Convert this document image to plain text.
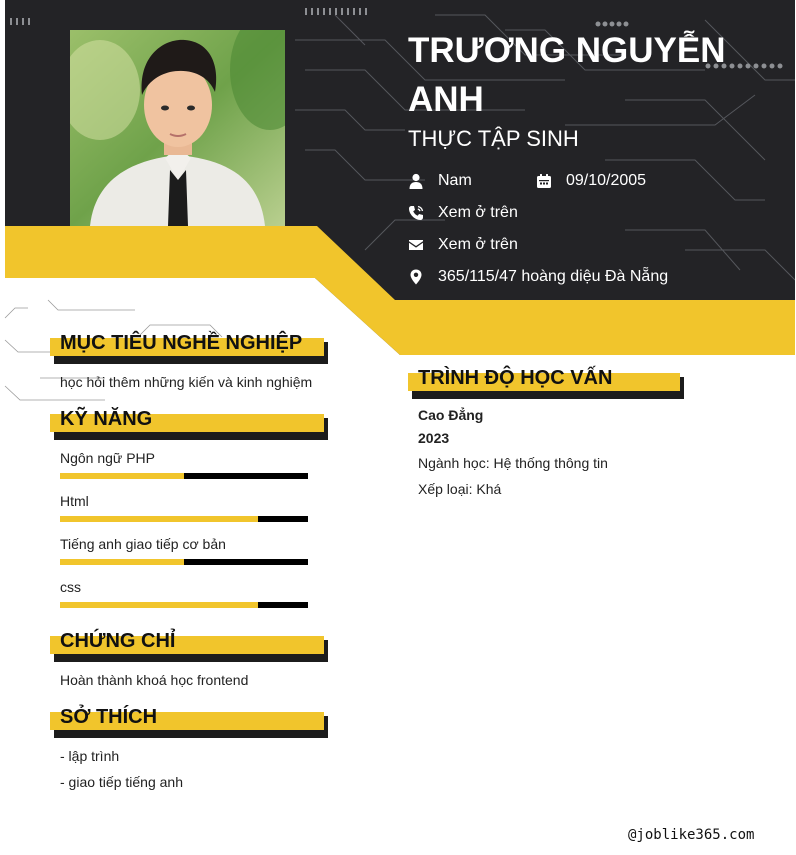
TRƯƠNG NGUYỄN ANH
THỰC TẬP SINH
Nam	09/10/2005
Xem ở trên
Xem ở trên
365/115/47 hoàng diệu Đà Nẵng
MỤC TIÊU NGHỀ NGHIỆP
học hỏi thêm những kiến và kinh nghiệm
KỸ NĂNG
Ngôn ngữ PHP
Html
Tiếng anh giao tiếp cơ bản
css
CHỨNG CHỈ
Hoàn thành khoá học frontend
SỞ THÍCH
- lập trình
- giao tiếp tiếng anh
TRÌNH ĐỘ HỌC VẤN
Cao Đẳng
2023
Ngành học: Hệ thống thông tin
Xếp loại: Khá
@joblike365.com
